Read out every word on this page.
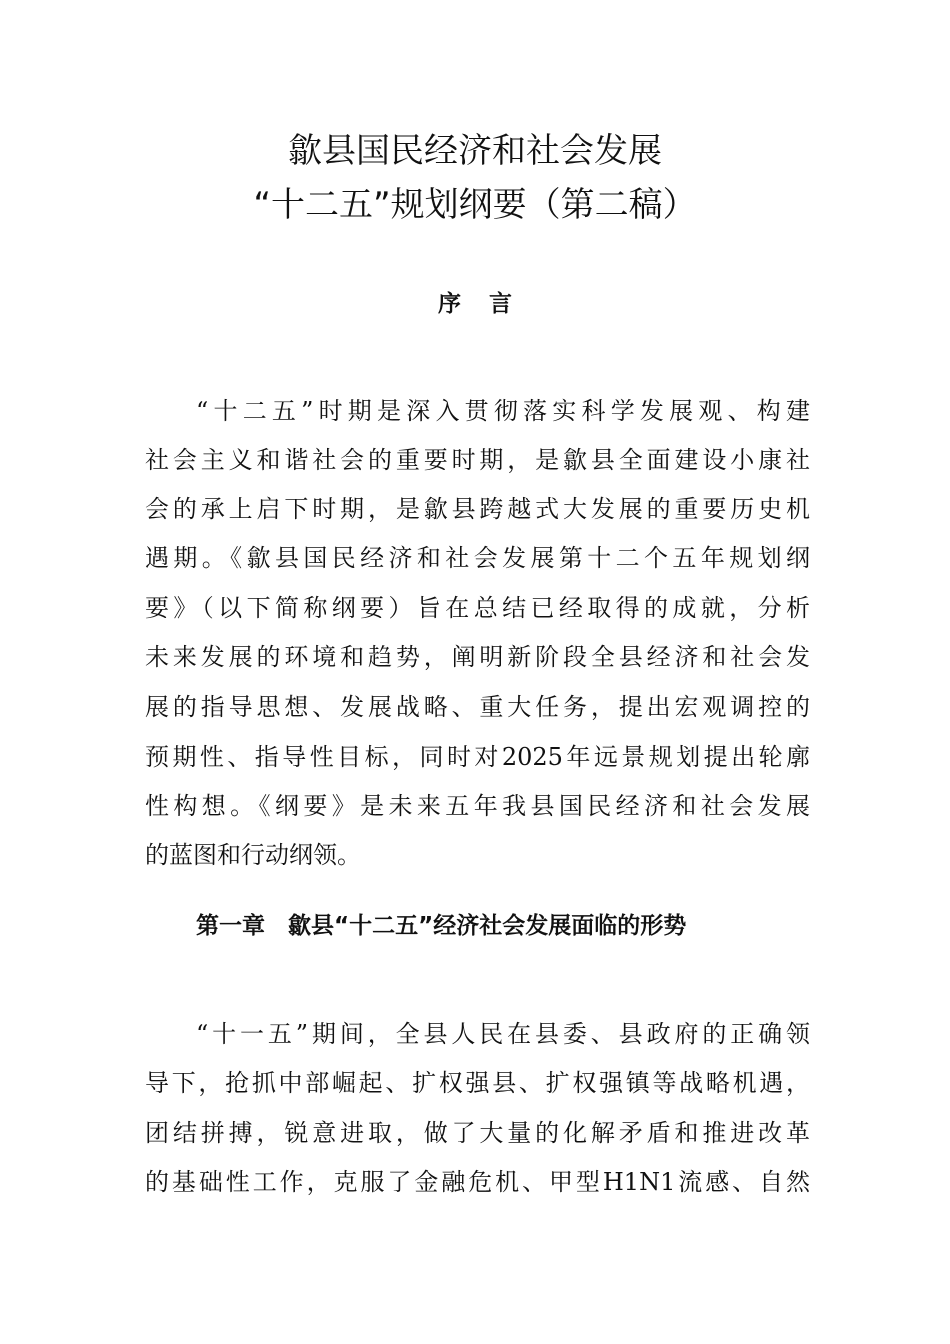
歙县国民经济和社会发展
“十二五”规划纲要（第二稿）
序言
“十二五”时期是深入贯彻落实科学发展观、构建
社会主义和谐社会的重要时期，是歙县全面建设小康社
会的承上启下时期，是歙县跨越式大发展的重要历史机
遇期。《歙县国民经济和社会发展第十二个五年规划纲
要》（以下简称纲要）旨在总结已经取得的成就，分析
未来发展的环境和趋势，阐明新阶段全县经济和社会发
展的指导思想、发展战略、重大任务，提出宏观调控的
预期性、指导性目标，同时对2025年远景规划提出轮廓
性构想。《纲要》是未来五年我县国民经济和社会发展
的蓝图和行动纲领。
第一章　歙县“十二五”经济社会发展面临的形势
“十一五”期间，全县人民在县委、县政府的正确领
导下，抢抓中部崛起、扩权强县、扩权强镇等战略机遇，
团结拼搏，锐意进取，做了大量的化解矛盾和推进改革
的基础性工作，克服了金融危机、甲型H1N1流感、自然
